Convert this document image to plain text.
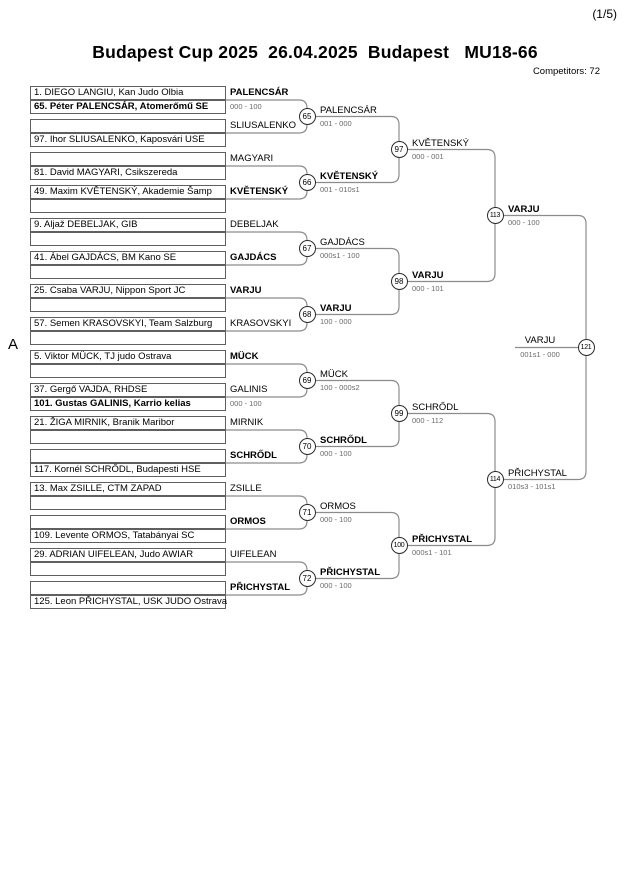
(1/5)
Budapest Cup 2025  26.04.2025  Budapest   MU18-66
Competitors: 72
A
1. DIEGO LANGIU, Kan Judo Olbia
65. Péter PALENCSÁR, Atomerőmű SE
PALENCSÁR
000 - 100
97. Ihor SLIUSALENKO, Kaposvári USE
SLIUSALENKO
81. David MAGYARI, Csikszereda
MAGYARI
49. Maxim KVĚTENSKÝ, Akademie Šamp	KVĚTENSKÝ
9. Aljaž DEBELJAK, GIB	DEBELJAK
41. Ábel GAJDÁCS, BM Kano SE	GAJDÁCS
25. Csaba VARJU, Nippon Sport JC	VARJU
57. Semen KRASOVSKYI, Team Salzburg	KRASOVSKYI
5. Viktor MÜCK, TJ judo Ostrava	MÜCK
37. Gergő VAJDA, RHDSE
101. Gustas GALINIS, Karrio kelias
GALINIS
000 - 100
21. ŽIGA MIRNIK, Branik Maribor	MIRNIK
117. Kornél SCHRŐDL, Budapesti HSE
SCHRŐDL
13. Max ZSILLE, CTM ZAPAD	ZSILLE
109. Levente ORMOS, Tatabányai SC
ORMOS
29. ADRIAN UIFELEAN, Judo AWIAR	UIFELEAN
125. Leon PŘICHYSTAL, USK JUDO Ostrava
PŘICHYSTAL
PALENCSÁR
001 - 000
65
KVĚTENSKÝ
001 - 010s1
66
GAJDÁCS
000s1 - 100
67
VARJU
100 - 000
68
MÜCK
100 - 000s2
69
SCHRŐDL
000 - 100
70
ORMOS
000 - 100
71
PŘICHYSTAL
000 - 100
72
KVĚTENSKÝ
000 - 001
97
VARJU
000 - 101
98
SCHRŐDL
000 - 112
99
PŘICHYSTAL
000s1 - 101
100
VARJU
000 - 100
113
PŘICHYSTAL
010s3 - 101s1
114
VARJU
001s1 - 000
121
